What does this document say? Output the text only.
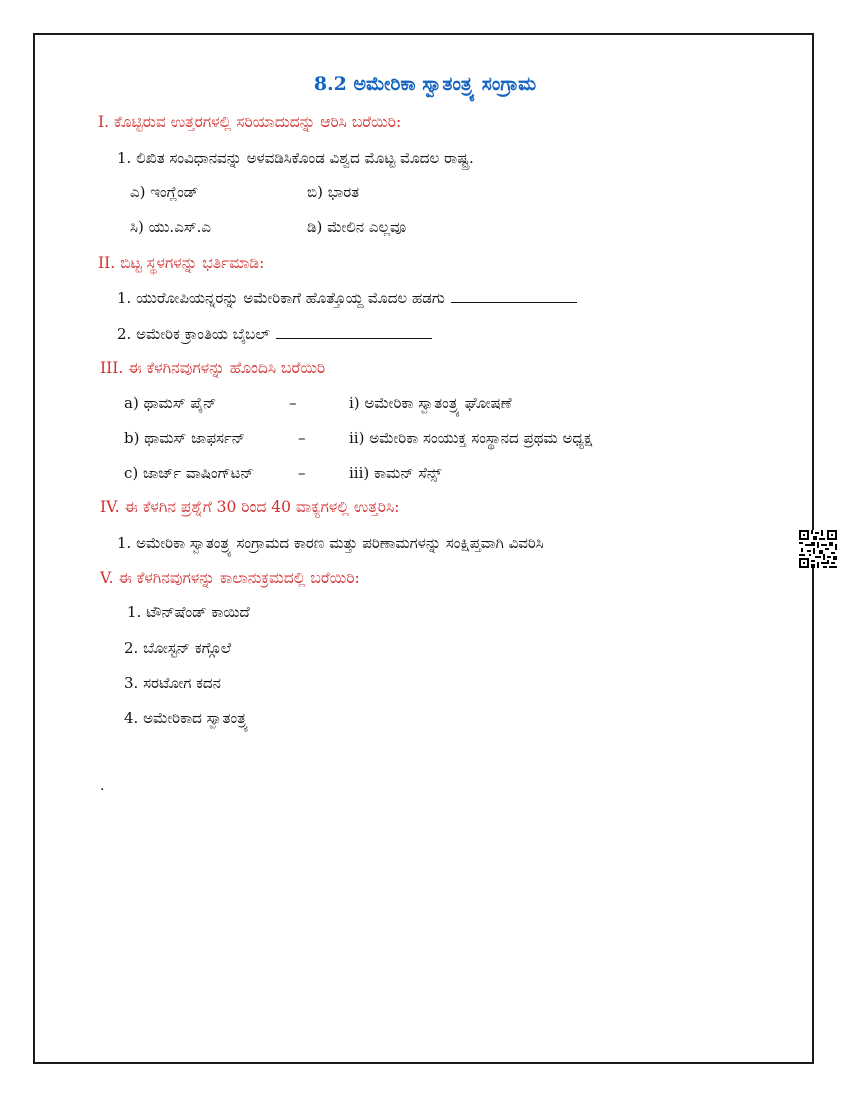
8.2 ಅಮೇರಿಕಾ ಸ್ವಾತಂತ್ರ್ಯ ಸಂಗ್ರಾಮ
I. ಕೊಟ್ಟಿರುವ ಉತ್ತರಗಳಲ್ಲಿ ಸರಿಯಾದುದನ್ನು ಆರಿಸಿ ಬರೆಯಿರಿ:
1. ಲಿಖಿತ ಸಂವಿಧಾನವನ್ನು ಅಳವಡಿಸಿಕೊಂಡ ವಿಶ್ವದ ಮೊಟ್ಟ ಮೊದಲ ರಾಷ್ಟ್ರ.
ಎ) ಇಂಗ್ಲೆಂಡ್	ಬಿ) ಭಾರತ
ಸಿ) ಯು.ಎಸ್.ಎ	ಡಿ) ಮೇಲಿನ ಎಲ್ಲವೂ
II. ಬಿಟ್ಟ ಸ್ಥಳಗಳನ್ನು ಭರ್ತಿಮಾಡಿ:
1. ಯುರೋಪಿಯನ್ನರನ್ನು ಅಮೇರಿಕಾಗೆ ಹೊತ್ತೊಯ್ದ ಮೊದಲ ಹಡಗು
2. ಅಮೇರಿಕ ಕ್ರಾಂತಿಯ ಬೈಬಲ್
III. ಈ ಕೆಳಗಿನವುಗಳನ್ನು ಹೊಂದಿಸಿ ಬರೆಯಿರಿ
a) ಥಾಮಸ್ ಪೈನ್	–	i) ಅಮೇರಿಕಾ ಸ್ವಾತಂತ್ರ್ಯ ಘೋಷಣೆ
b) ಥಾಮಸ್ ಜಾಫರ್ಸನ್	–	ii) ಅಮೇರಿಕಾ ಸಂಯುಕ್ತ ಸಂಸ್ಥಾನದ ಪ್ರಥಮ ಅಧ್ಯಕ್ಷ
c) ಜಾರ್ಜ್ ವಾಷಿಂಗ್‌ಟನ್	–	iii) ಕಾಮನ್ ಸೆನ್ಸ್
IV. ಈ ಕೆಳಗಿನ ಪ್ರಶ್ನೆಗೆ 30 ರಿಂದ 40 ವಾಕ್ಯಗಳಲ್ಲಿ ಉತ್ತರಿಸಿ:
1. ಅಮೇರಿಕಾ ಸ್ವಾತಂತ್ರ್ಯ ಸಂಗ್ರಾಮದ ಕಾರಣ ಮತ್ತು ಪರಿಣಾಮಗಳನ್ನು ಸಂಕ್ಷಿಪ್ತವಾಗಿ ವಿವರಿಸಿ
V. ಈ ಕೆಳಗಿನವುಗಳನ್ನು ಕಾಲಾನುಕ್ರಮದಲ್ಲಿ ಬರೆಯಿರಿ:
1. ಟೌನ್‌ಷೆಂಡ್ ಕಾಯಿದೆ
2. ಬೋಸ್ಟನ್ ಕಗ್ಗೊಲೆ
3. ಸರಟೋಗ ಕದನ
4. ಅಮೇರಿಕಾದ ಸ್ವಾತಂತ್ರ್ಯ
.
